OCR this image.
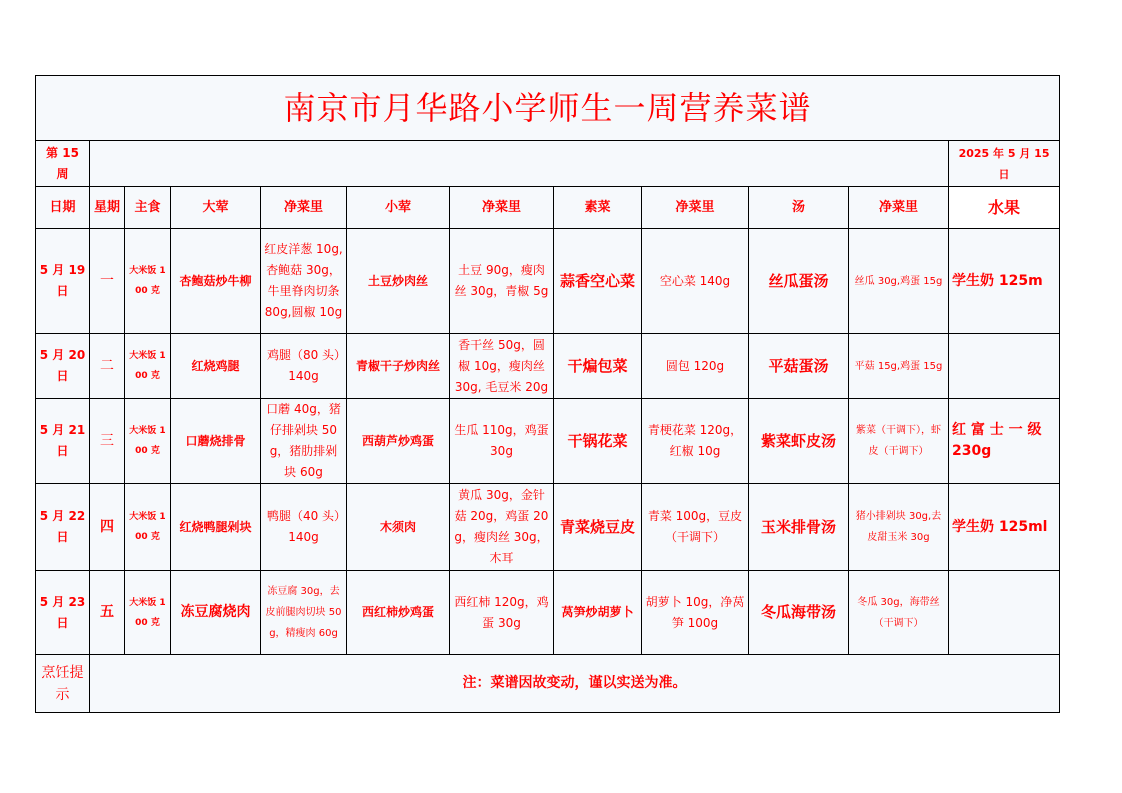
南京市月华路小学师生一周营养菜谱											
第 15 周											2025 年 5 月 15 日
日期	星期	主食	大荤	净菜里	小荤	净菜里	素菜	净菜里	汤	净菜里	水果
5 月 19 日	一	大米饭 100 克	杏鲍菇炒牛柳	红皮洋葱 10g,杏鲍菇 30g，牛里脊肉切条 80g,圆椒 10g	土豆炒肉丝	土豆 90g，瘦肉丝 30g，青椒 5g	蒜香空心菜	空心菜 140g	丝瓜蛋汤	丝瓜 30g,鸡蛋 15g	学生奶 125m
5 月 20 日	二	大米饭 100 克	红烧鸡腿	鸡腿（80 头）140g	青椒干子炒肉丝	香干丝 50g，圆椒 10g，瘦肉丝 30g, 毛豆米 20g	干煸包菜	圆包 120g	平菇蛋汤	平菇 15g,鸡蛋 15g	
5 月 21 日	三	大米饭 100 克	口蘑烧排骨	口蘑 40g，猪仔排剁块 50g，猪肋排剁块 60g	西葫芦炒鸡蛋	生瓜 110g，鸡蛋 30g	干锅花菜	青梗花菜 120g，红椒 10g	紫菜虾皮汤	紫菜（干调下），虾皮（干调下）	红 富 士 一 级 230g
5 月 22 日	四	大米饭 100 克	红烧鸭腿剁块	鸭腿（40 头）140g	木须肉	黄瓜 30g，金针菇 20g，鸡蛋 20g，瘦肉丝 30g，木耳	青菜烧豆皮	青菜 100g，豆皮（干调下）	玉米排骨汤	猪小排剁块 30g,去皮甜玉米 30g	学生奶 125ml
5 月 23 日	五	大米饭 100 克	冻豆腐烧肉	冻豆腐 30g，去皮前腿肉切块 50g，精瘦肉 60g	西红柿炒鸡蛋	西红柿 120g，鸡蛋 30g	莴笋炒胡萝卜	胡萝卜 10g，净莴笋 100g	冬瓜海带汤	冬瓜 30g，海带丝（干调下）	
烹饪提示	注：菜谱因故变动，谨以实送为准。										
